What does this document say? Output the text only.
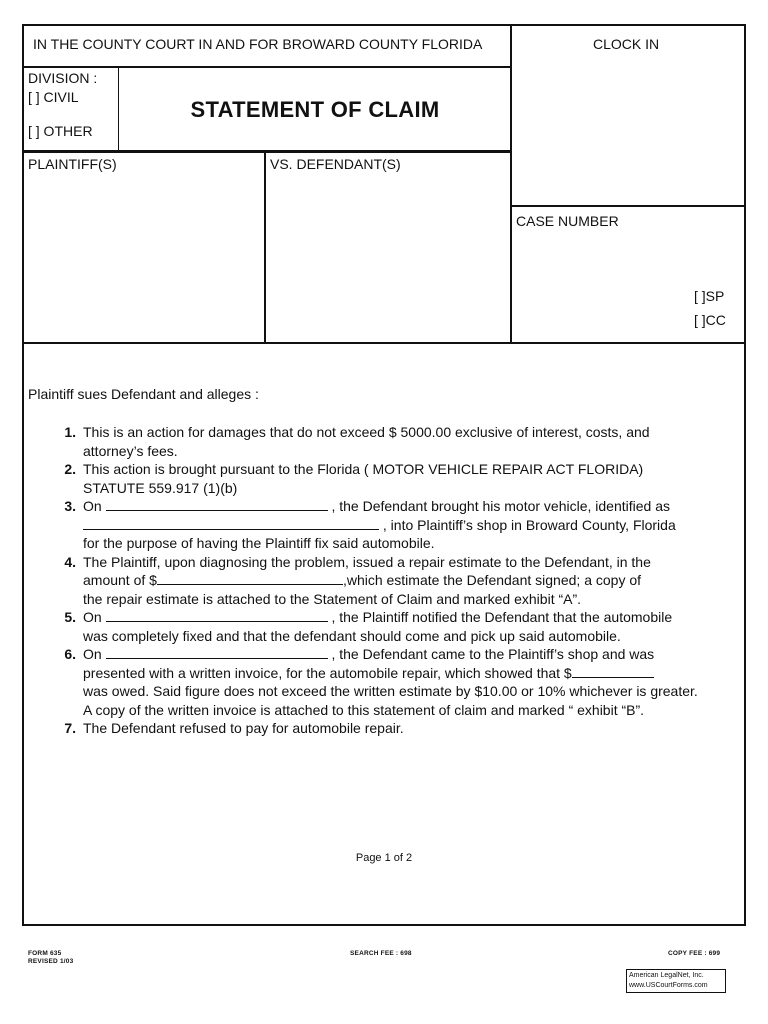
IN THE COUNTY COURT IN AND FOR BROWARD COUNTY FLORIDA	CLOCK IN
DIVISION :
[ ] CIVIL
[ ] OTHER
STATEMENT OF CLAIM
PLAINTIFF(S)	VS. DEFENDANT(S)
CASE NUMBER
[ ]SP
[ ]CC
Plaintiff sues Defendant and alleges :
1. This is an action for damages that do not exceed $ 5000.00 exclusive of interest, costs, and attorney’s fees.
2. This action is brought pursuant to the Florida ( MOTOR VEHICLE REPAIR ACT FLORIDA)
STATUTE 559.917 (1)(b)
3. On	, the Defendant brought his motor vehicle, identified as
, into Plaintiff’s shop in Broward County, Florida
for the purpose of having the Plaintiff fix said automobile.
4. The Plaintiff, upon diagnosing the problem, issued a repair estimate to the Defendant, in the
amount of $	,which estimate the Defendant signed; a copy of
the repair estimate is attached to the Statement of Claim and marked exhibit “A”.
5. On	, the Plaintiff notified the Defendant that the automobile
was completely fixed and that the defendant should come and pick up said automobile.
6. On	, the Defendant came to the Plaintiff’s shop and was
presented with a written invoice, for the automobile repair, which showed that $
was owed. Said figure does not exceed the written estimate by $10.00 or 10% whichever is greater. A copy of the written invoice is attached to this statement of claim and marked “ exhibit “B”.
7. The Defendant refused to pay for automobile repair.
Page 1 of 2
FORM 635
REVISED 1/03
SEARCH FEE : 698	COPY FEE : 699
American LegalNet, Inc.
www.USCourtForms.com
